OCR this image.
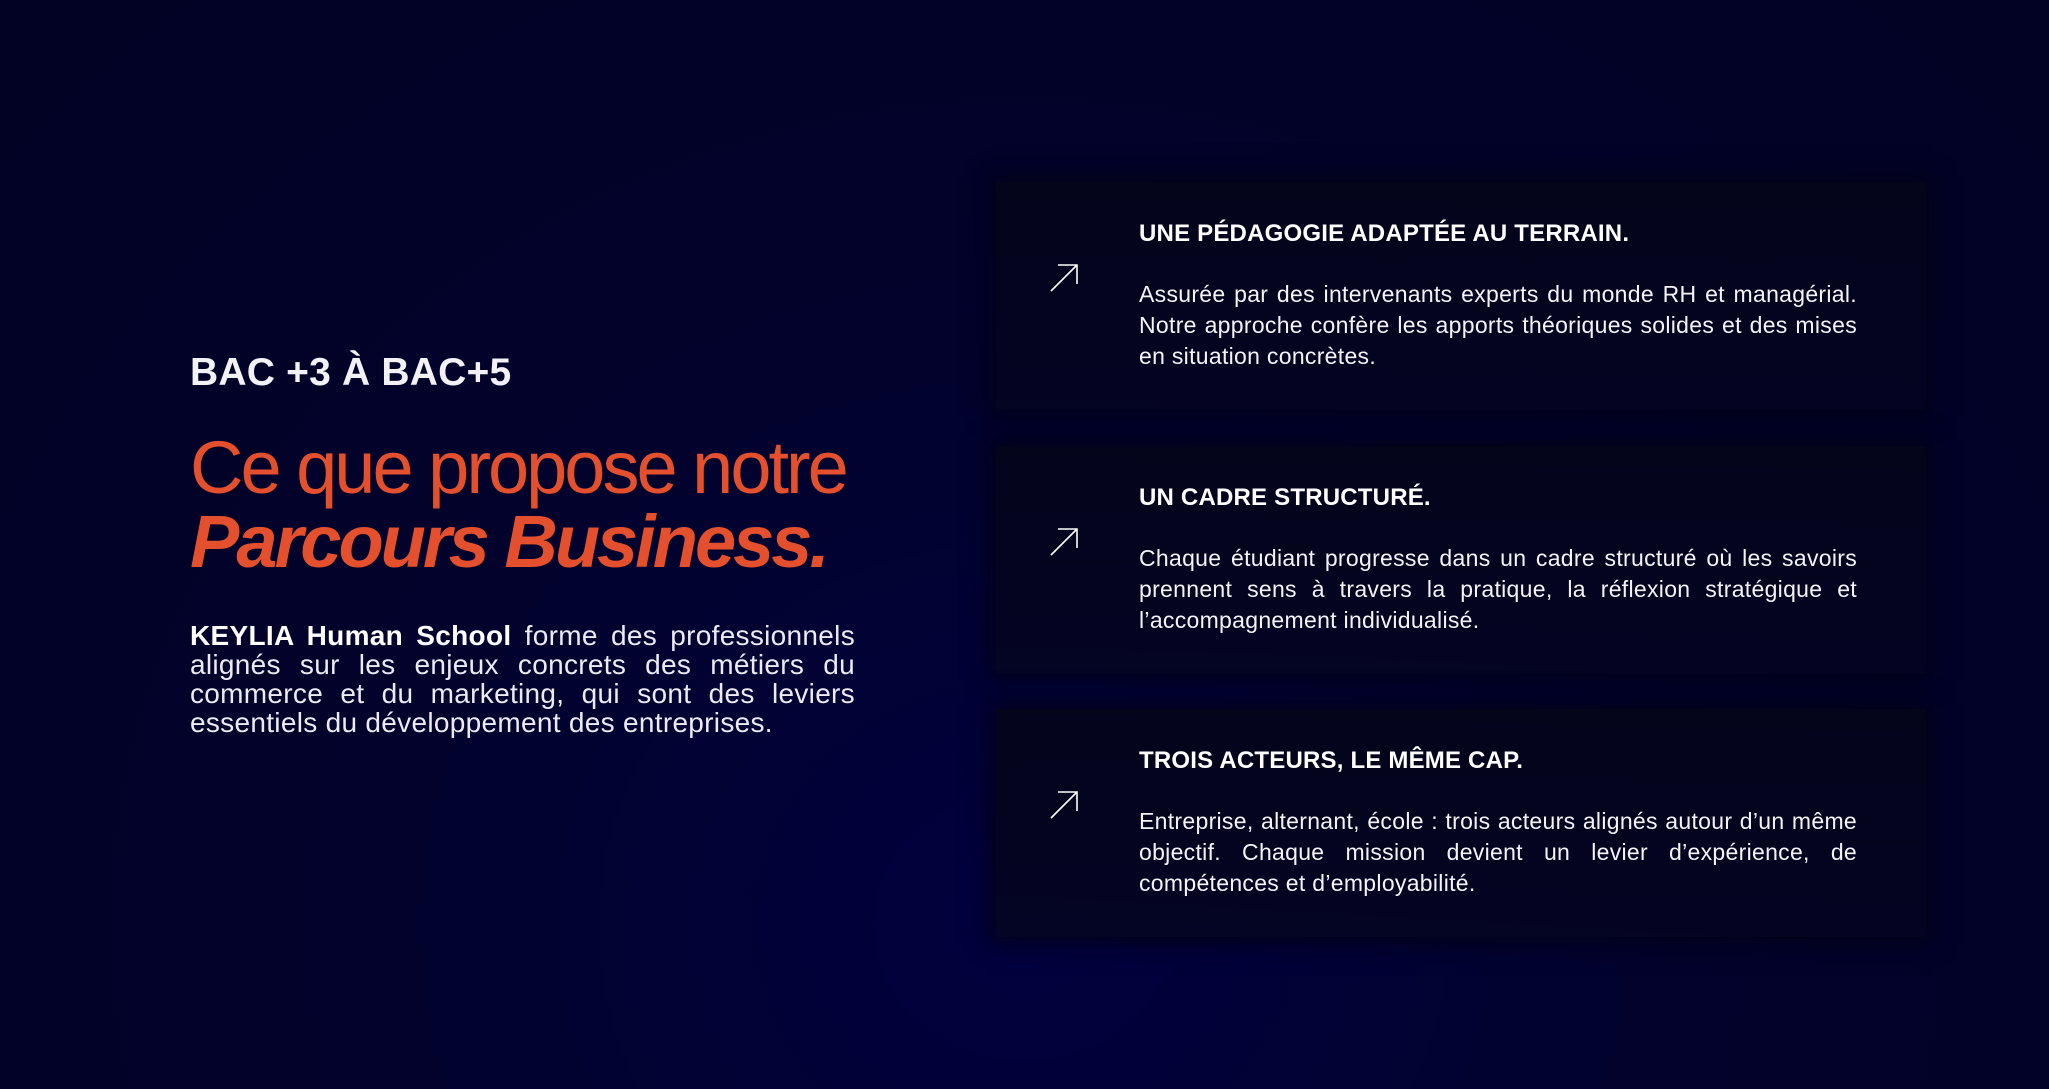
BAC +3 À BAC+5
Ce que propose notre
Parcours Business.

KEYLIA Human School forme des professionnels alignés sur les enjeux concrets des métiers du commerce et du marketing, qui sont des leviers essentiels du développement des entreprises.

UNE PÉDAGOGIE ADAPTÉE AU TERRAIN.

Assurée par des intervenants experts du monde RH et managérial. Notre approche confère les apports théoriques solides et des mises en situation concrètes.

UN CADRE STRUCTURÉ.

Chaque étudiant progresse dans un cadre structuré où les savoirs prennent sens à travers la pratique, la réflexion stratégique et l’accompagnement individualisé.

TROIS ACTEURS, LE MÊME CAP.

Entreprise, alternant, école : trois acteurs alignés autour d’un même objectif. Chaque mission devient un levier d’expérience, de compétences et d’employabilité.
